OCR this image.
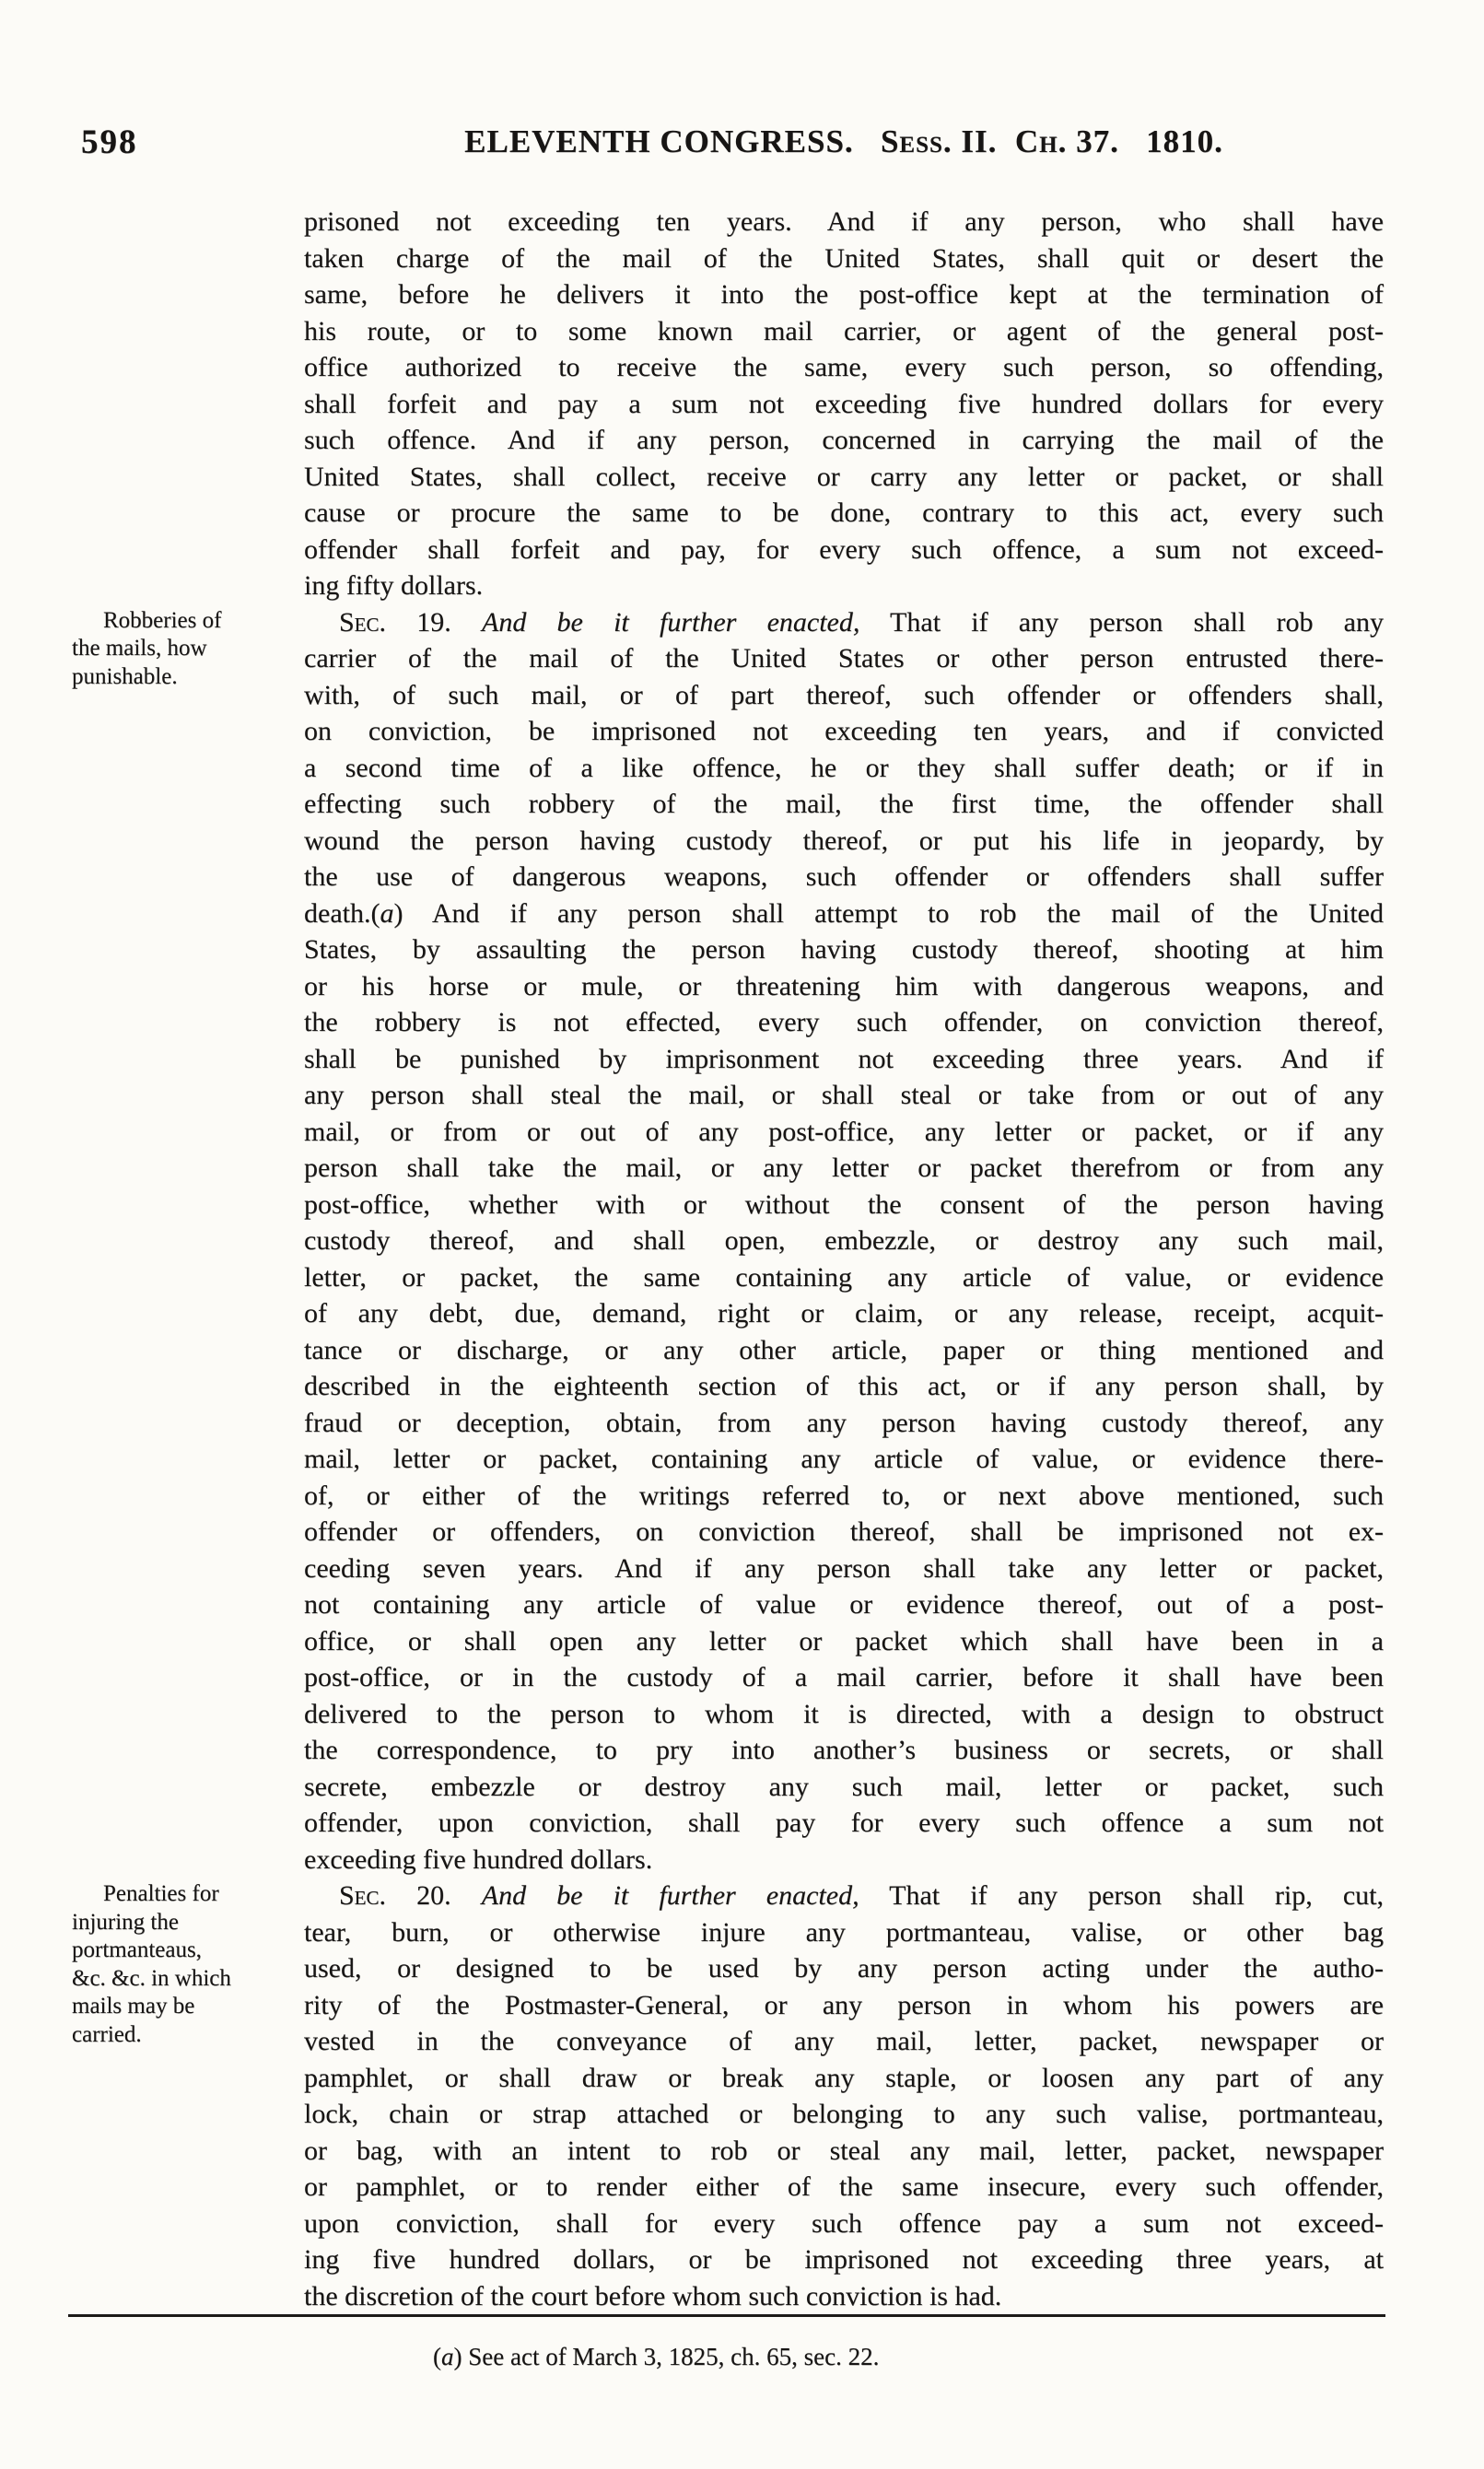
598	ELEVENTH CONGRESS.   Sess. II.  Ch. 37.   1810.
prisoned not exceeding ten years. And if any person, who shall have
taken charge of the mail of the United States, shall quit or desert the
same, before he delivers it into the post-office kept at the termination of
his route, or to some known mail carrier, or agent of the general post-
office authorized to receive the same, every such person, so offending,
shall forfeit and pay a sum not exceeding five hundred dollars for every
such offence. And if any person, concerned in carrying the mail of the
United States, shall collect, receive or carry any letter or packet, or shall
cause or procure the same to be done, contrary to this act, every such
offender shall forfeit and pay, for every such offence, a sum not exceed-
ing fifty dollars.
Robberies of
the mails, how
punishable.
Sec. 19. And be it further enacted, That if any person shall rob any
carrier of the mail of the United States or other person entrusted there-
with, of such mail, or of part thereof, such offender or offenders shall,
on conviction, be imprisoned not exceeding ten years, and if convicted
a second time of a like offence, he or they shall suffer death; or if in
effecting such robbery of the mail, the first time, the offender shall
wound the person having custody thereof, or put his life in jeopardy, by
the use of dangerous weapons, such offender or offenders shall suffer
death.(a) And if any person shall attempt to rob the mail of the United
States, by assaulting the person having custody thereof, shooting at him
or his horse or mule, or threatening him with dangerous weapons, and
the robbery is not effected, every such offender, on conviction thereof,
shall be punished by imprisonment not exceeding three years. And if
any person shall steal the mail, or shall steal or take from or out of any
mail, or from or out of any post-office, any letter or packet, or if any
person shall take the mail, or any letter or packet therefrom or from any
post-office, whether with or without the consent of the person having
custody thereof, and shall open, embezzle, or destroy any such mail,
letter, or packet, the same containing any article of value, or evidence
of any debt, due, demand, right or claim, or any release, receipt, acquit-
tance or discharge, or any other article, paper or thing mentioned and
described in the eighteenth section of this act, or if any person shall, by
fraud or deception, obtain, from any person having custody thereof, any
mail, letter or packet, containing any article of value, or evidence there-
of, or either of the writings referred to, or next above mentioned, such
offender or offenders, on conviction thereof, shall be imprisoned not ex-
ceeding seven years. And if any person shall take any letter or packet,
not containing any article of value or evidence thereof, out of a post-
office, or shall open any letter or packet which shall have been in a
post-office, or in the custody of a mail carrier, before it shall have been
delivered to the person to whom it is directed, with a design to obstruct
the correspondence, to pry into another’s business or secrets, or shall
secrete, embezzle or destroy any such mail, letter or packet, such
offender, upon conviction, shall pay for every such offence a sum not
exceeding five hundred dollars.
Penalties for
injuring the
portmanteaus,
&c. &c. in which
mails may be
carried.
Sec. 20. And be it further enacted, That if any person shall rip, cut,
tear, burn, or otherwise injure any portmanteau, valise, or other bag
used, or designed to be used by any person acting under the autho-
rity of the Postmaster-General, or any person in whom his powers are
vested in the conveyance of any mail, letter, packet, newspaper or
pamphlet, or shall draw or break any staple, or loosen any part of any
lock, chain or strap attached or belonging to any such valise, portmanteau,
or bag, with an intent to rob or steal any mail, letter, packet, newspaper
or pamphlet, or to render either of the same insecure, every such offender,
upon conviction, shall for every such offence pay a sum not exceed-
ing five hundred dollars, or be imprisoned not exceeding three years, at
the discretion of the court before whom such conviction is had.
(a) See act of March 3, 1825, ch. 65, sec. 22.
